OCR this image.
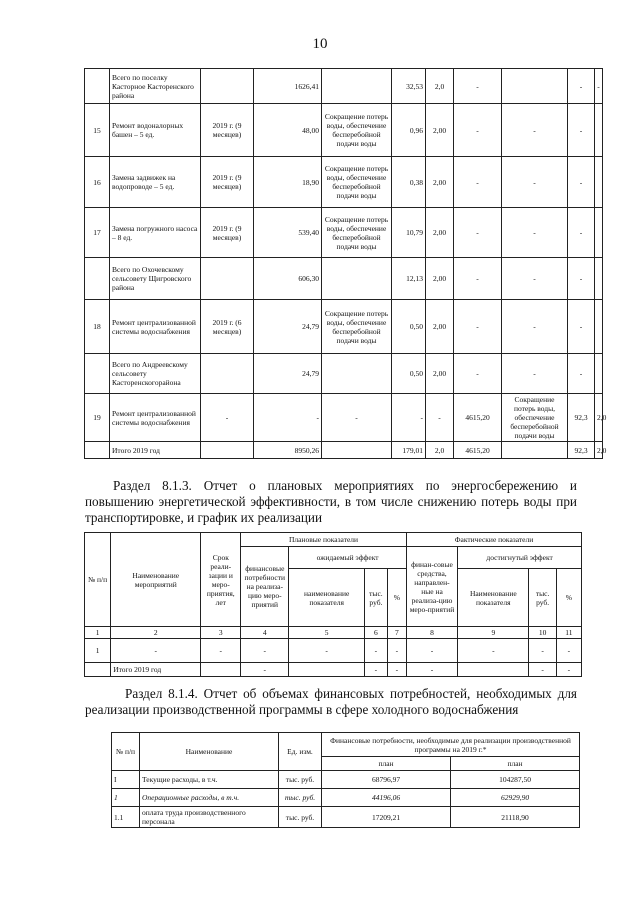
10
	Всего по поселку Касторное Касторенского района		1626,41		32,53	2,0	-		-	-
15	Ремонт водоналорных башен – 5 ед.	2019 г. (9 месяцев)	48,00	Сокращение потерь воды, обеспечение бесперебойной подачи воды	0,96	2,00	-	-	-	
16	Замена задвижек на водопроводе – 5 ед.	2019 г. (9 месяцев)	18,90	Сокращение потерь воды, обеспечение бесперебойной подачи воды	0,38	2,00	-	-	-	
17	Замена погружного насоса – 8 ед.	2019 г. (9 месяцев)	539,40	Сокращение потерь воды, обеспечение бесперебойной подачи воды	10,79	2,00	-	-	-	
	Всего по Охочевскому сельсовету Щигровского района		606,30		12,13	2,00	-	-	-	
18	Ремонт централизованной системы водоснабжения	2019 г. (6 месяцев)	24,79	Сокращение потерь воды, обеспечение бесперебойной подачи воды	0,50	2,00	-	-	-	
	Всего по Андреевскому сельсовету Касторенскогорайона		24,79		0,50	2,00	-	-	-	
19	Ремонт централизованной системы водоснабжения	-	-	-	-	-	4615,20	Сокращение потерь воды, обеспечение бесперебойной подачи воды	92,3	2,0
	Итого 2019 год		8950,26		179,01	2,0	4615,20		92,3	2,0
Раздел 8.1.3. Отчет о плановых мероприятиях по энергосбережению и повышению энергетической эффективности, в том числе снижению потерь воды при транспортировке, и график их реализации
№ п/п	Наименование мероприятий	Срок реали-зации и меро-приятия, лет	Плановые показатели				Фактические показатели			
			финансовые потребности на реализа-цию меро-приятий	ожидаемый эффект			финан-совые средства, направлен-ные на реализа-цию меро-приятий	достигнутый эффект		
				наименование показателя	тыс. руб.	%		Наименование показателя	тыс. руб.	%
1	2	3	4	5	6	7	8	9	10	11
1	-	-	-	-	-	-	-	-	-	-
	Итого 2019 год		-		-	-	-		-	-
Раздел 8.1.4. Отчет об объемах финансовых потребностей, необходимых для реализации производственной программы в сфере холодного водоснабжения
№ п/п	Наименование	Ед. изм.	Финансовые потребности, необходимые для реализации производственной программы на 2019 г.*	
			план	план
I	Текущие расходы, в т.ч.	тыс. руб.	68796,97	104287,50
1	Операционные расходы, в т.ч.	тыс. руб.	44196,06	62929,90
1.1	оплата труда производственного персонала	тыс. руб.	17209,21	21118,90
